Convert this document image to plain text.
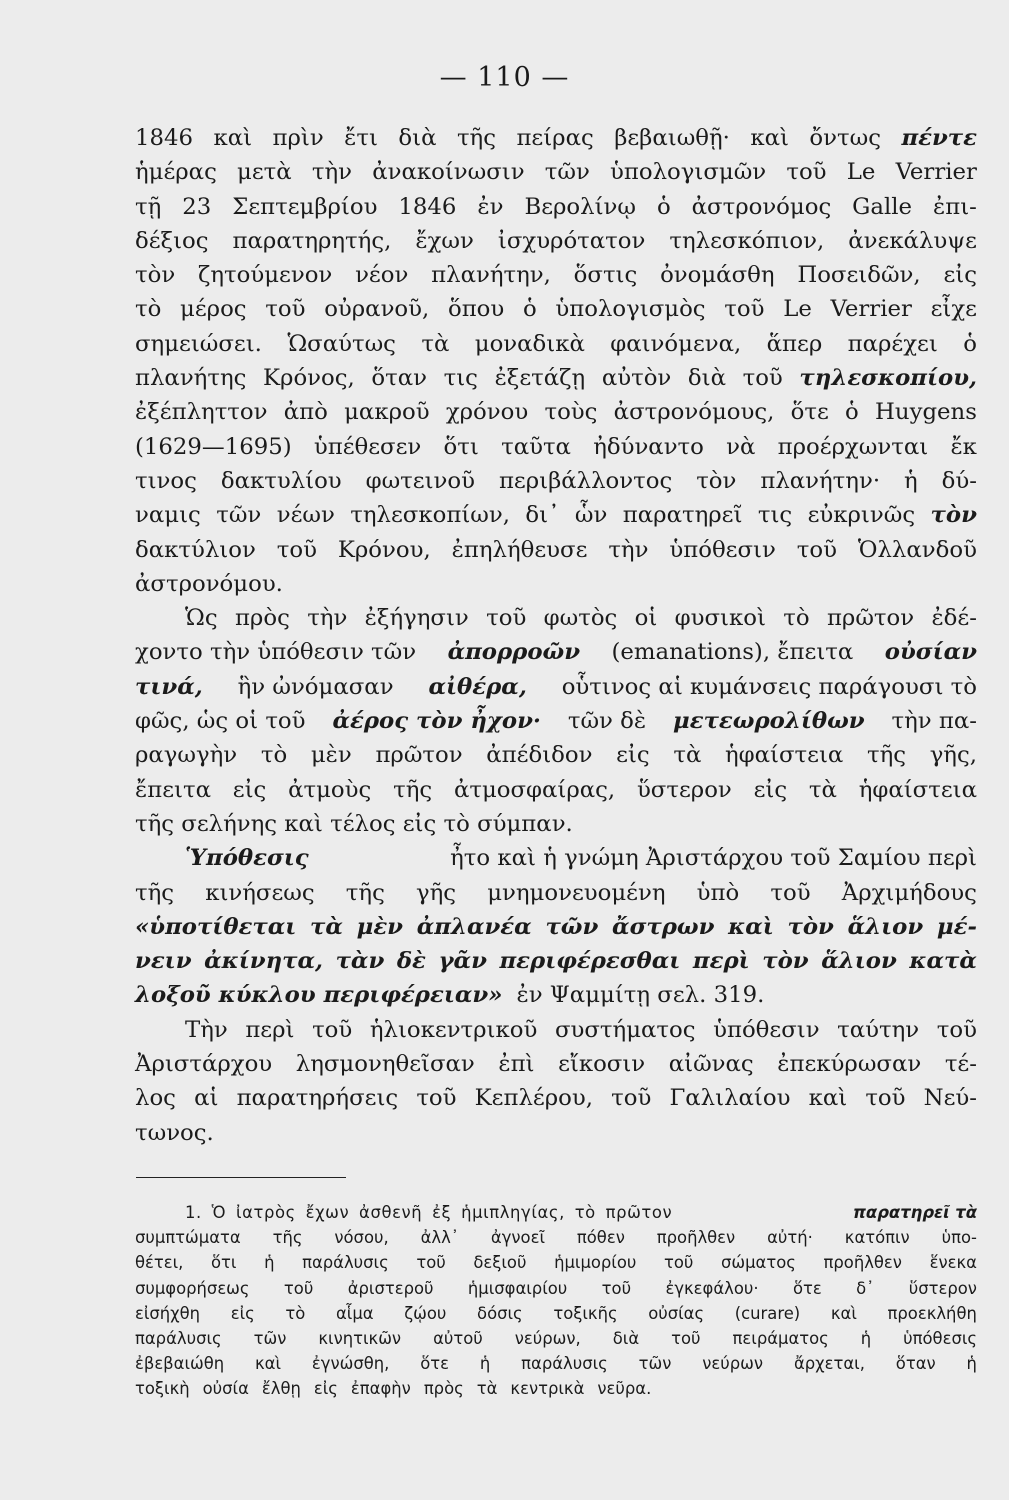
— 110 —
1846 καὶ πρὶν ἔτι διὰ τῆς πείρας βεβαιωθῇ· καὶ ὄντως πέντε
ἡμέρας μετὰ τὴν ἀνακοίνωσιν τῶν ὑπολογισμῶν τοῦ Le Verrier
τῇ 23 Σεπτεμβρίου 1846 ἐν Βερολίνῳ ὁ ἀστρονόμος Galle ἐπι-
δέξιος παρατηρητής, ἔχων ἰσχυρότατον τηλεσκόπιον, ἀνεκάλυψε
τὸν ζητούμενον νέον πλανήτην, ὅστις ὀνομάσθη Ποσειδῶν, εἰς
τὸ μέρος τοῦ οὐρανοῦ, ὅπου ὁ ὑπολογισμὸς τοῦ Le Verrier εἶχε
σημειώσει. Ὡσαύτως τὰ μοναδικὰ φαινόμενα, ἅπερ παρέχει ὁ
πλανήτης Κρόνος, ὅταν τις ἐξετάζῃ αὐτὸν διὰ τοῦ τηλεσκοπίου,
ἐξέπληττον ἀπὸ μακροῦ χρόνου τοὺς ἀστρονόμους, ὅτε ὁ Huygens
(1629—1695) ὑπέθεσεν ὅτι ταῦτα ἠδύναντο νὰ προέρχωνται ἔκ
τινος δακτυλίου φωτεινοῦ περιβάλλοντος τὸν πλανήτην· ἡ δύ-
ναμις τῶν νέων τηλεσκοπίων, δι᾽ ὧν παρατηρεῖ τις εὐκρινῶς τὸν
δακτύλιον τοῦ Κρόνου, ἐπηλήθευσε τὴν ὑπόθεσιν τοῦ Ὁλλανδοῦ
ἀστρονόμου.
Ὡς πρὸς τὴν ἐξήγησιν τοῦ φωτὸς οἱ φυσικοὶ τὸ πρῶτον ἐδέ-
χοντο τὴν ὑπόθεσιν τῶν ἀπορροῶν (emanations), ἔπειτα οὐσίαν
τινά, ἣν ὠνόμασαν αἰθέρα, οὗτινος αἱ κυμάνσεις παράγουσι τὸ
φῶς, ὡς οἱ τοῦ ἀέρος τὸν ἦχον· τῶν δὲ μετεωρολίθων τὴν πα-
ραγωγὴν τὸ μὲν πρῶτον ἀπέδιδον εἰς τὰ ἡφαίστεια τῆς γῆς,
ἔπειτα εἰς ἀτμοὺς τῆς ἀτμοσφαίρας, ὕστερον εἰς τὰ ἡφαίστεια
τῆς σελήνης καὶ τέλος εἰς τὸ σύμπαν.
Ὑπόθεσις	ἦτο καὶ ἡ γνώμη Ἀριστάρχου τοῦ Σαμίου περὶ
τῆς κινήσεως τῆς γῆς μνημονευομένη ὑπὸ τοῦ Ἀρχιμήδους
«ὑποτίθεται τὰ μὲν ἀπλανέα τῶν ἄστρων καὶ τὸν ἅλιον μέ-
νειν ἀκίνητα, τὰν δὲ γᾶν περιφέρεσθαι περὶ τὸν ἅλιον κατὰ
λοξοῦ κύκλου περιφέρειαν» ἐν Ψαμμίτῃ σελ. 319.
Τὴν περὶ τοῦ ἡλιοκεντρικοῦ συστήματος ὑπόθεσιν ταύτην τοῦ
Ἀριστάρχου λησμονηθεῖσαν ἐπὶ εἴκοσιν αἰῶνας ἐπεκύρωσαν τέ-
λος αἱ παρατηρήσεις τοῦ Κεπλέρου, τοῦ Γαλιλαίου καὶ τοῦ Νεύ-
τωνος.
1. Ὁ ἰατρὸς ἔχων ἀσθενῆ ἐξ ἡμιπληγίας, τὸ πρῶτον	παρατηρεῖ τὰ
συμπτώματα τῆς νόσου, ἀλλ᾽ ἀγνοεῖ πόθεν προῆλθεν αὐτή· κατόπιν ὑπο-
θέτει, ὅτι ἡ παράλυσις τοῦ δεξιοῦ ἡμιμορίου τοῦ σώματος προῆλθεν ἕνεκα
συμφορήσεως τοῦ ἀριστεροῦ ἡμισφαιρίου τοῦ ἐγκεφάλου· ὅτε δ᾽ ὕστερον
εἰσήχθη εἰς τὸ αἷμα ζῴου δόσις τοξικῆς οὐσίας (curare) καὶ προεκλήθη
παράλυσις τῶν κινητικῶν αὐτοῦ νεύρων, διὰ τοῦ πειράματος ἡ ὑπόθεσις
ἐβεβαιώθη καὶ ἐγνώσθη, ὅτε ἡ παράλυσις τῶν νεύρων ἄρχεται, ὅταν ἡ
τοξικὴ οὐσία ἔλθῃ εἰς ἐπαφὴν πρὸς τὰ κεντρικὰ νεῦρα.
